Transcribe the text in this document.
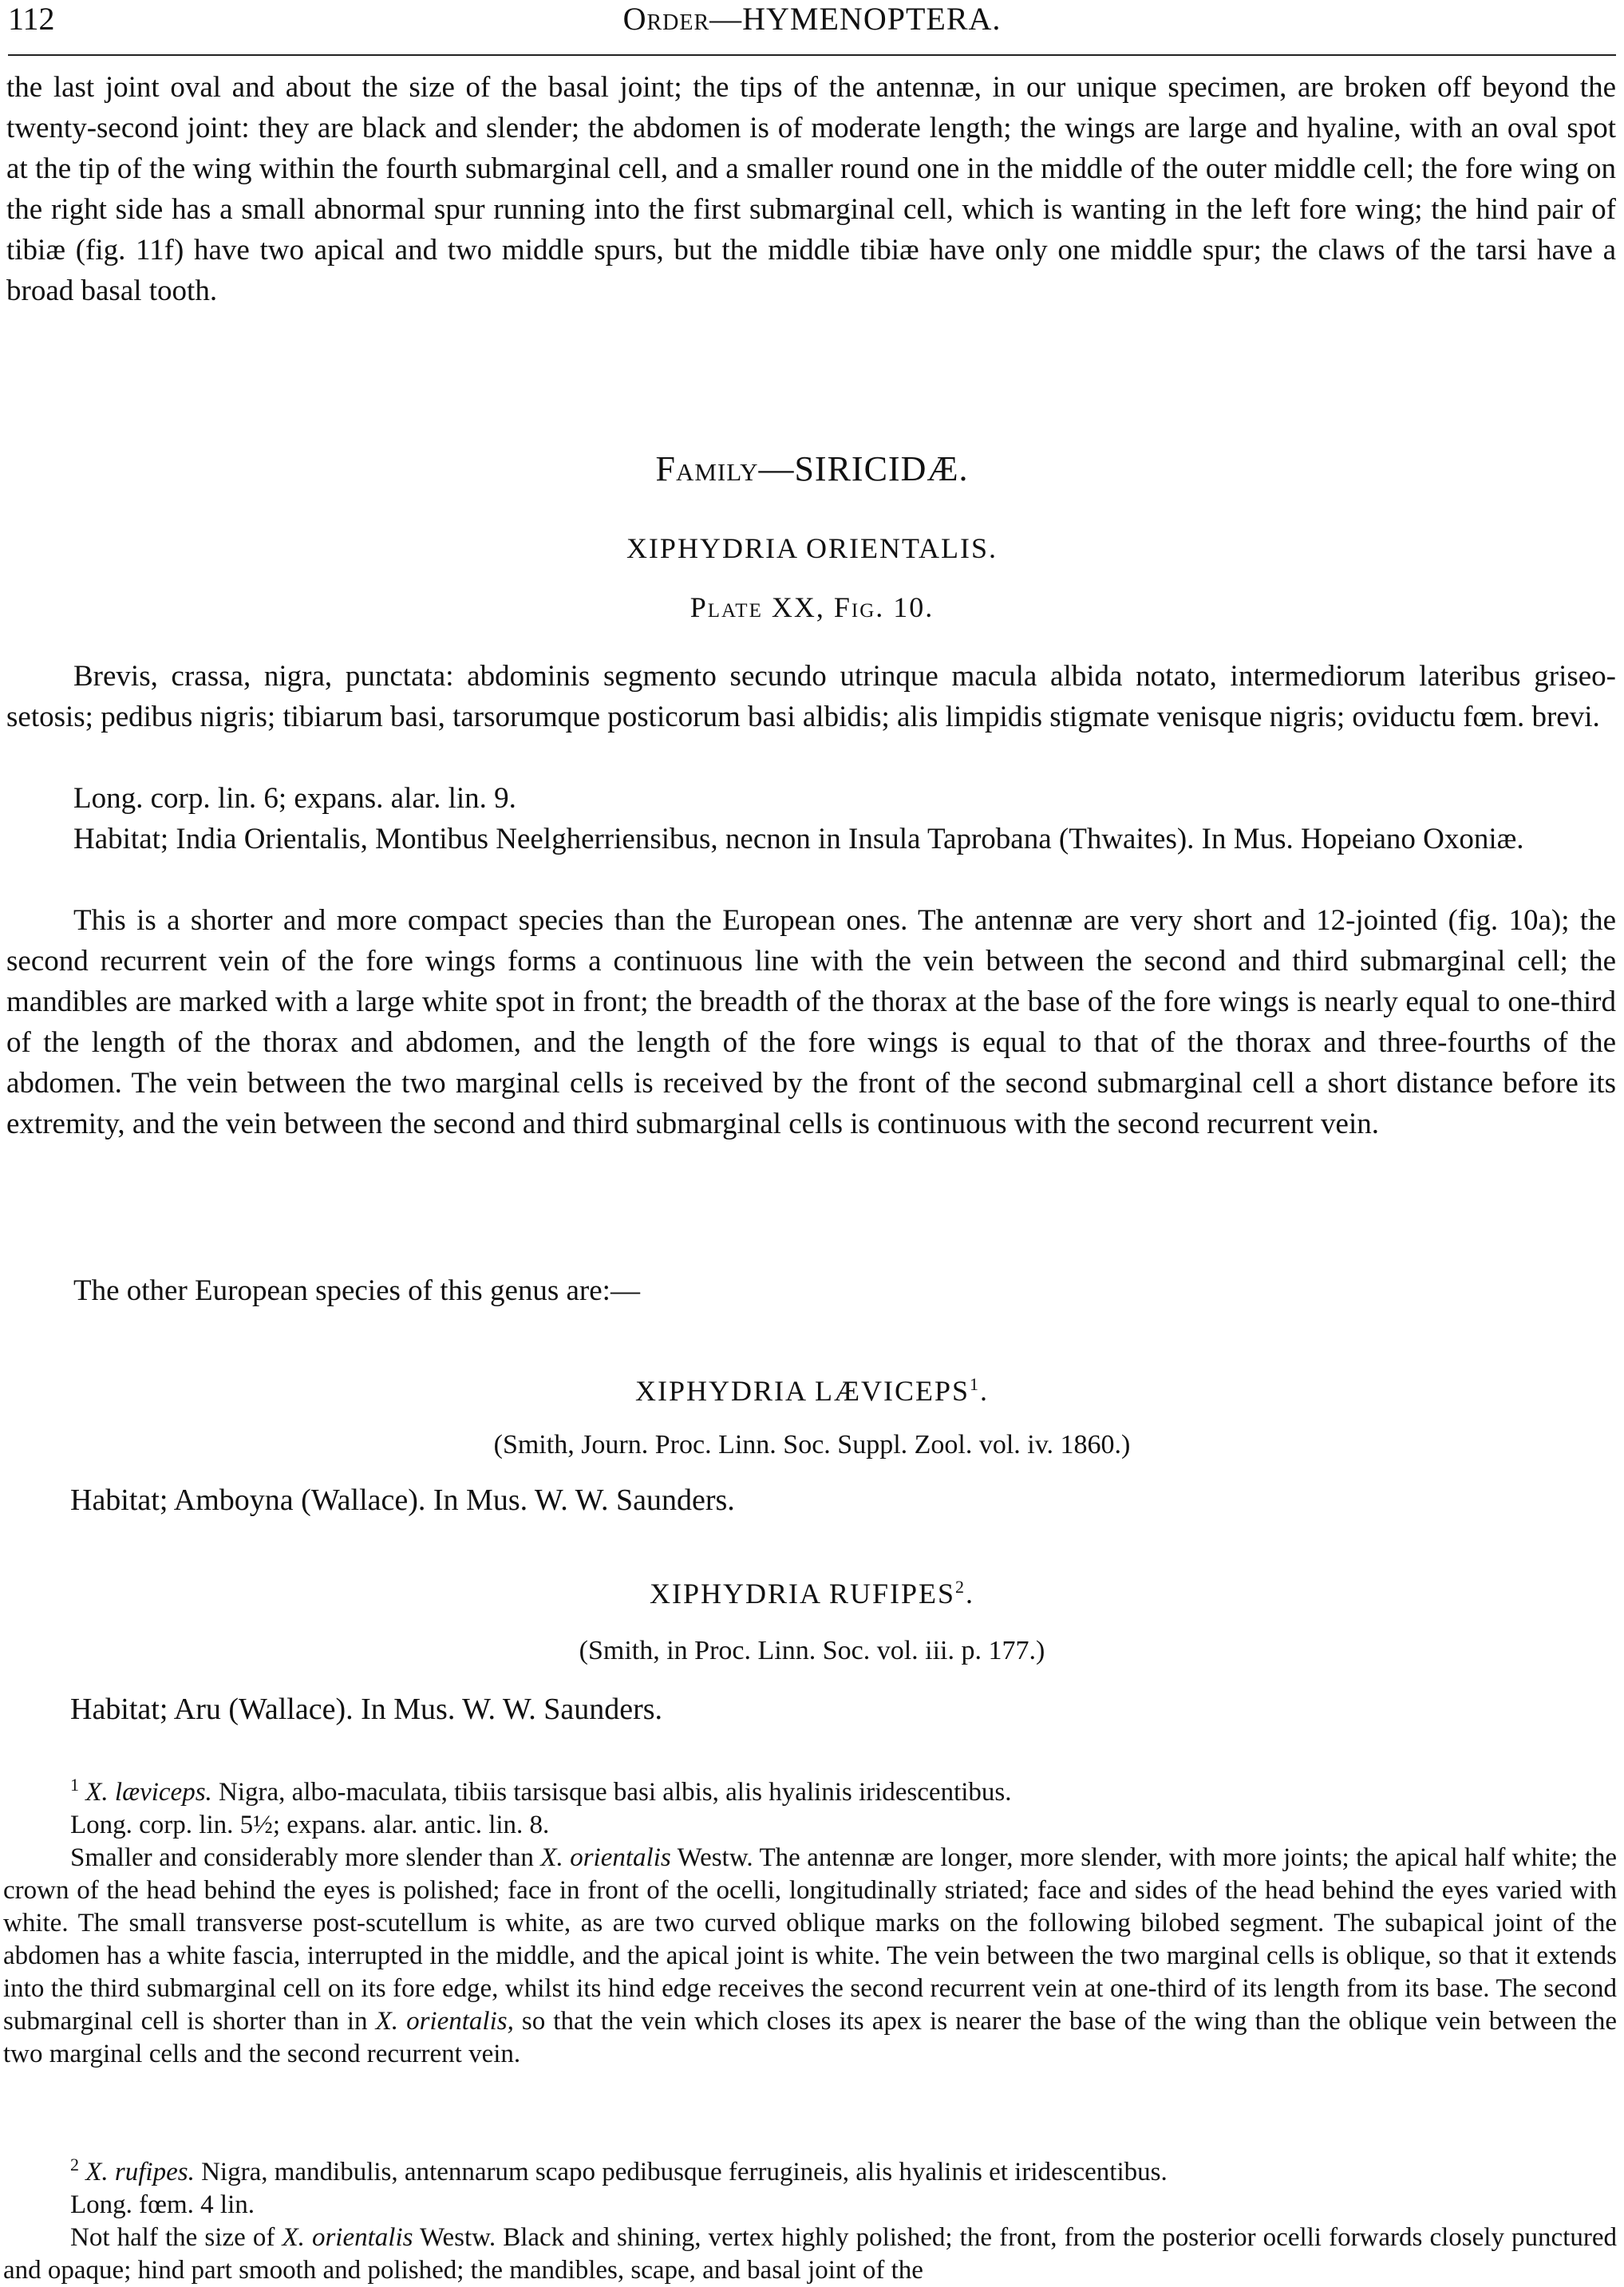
112	Order—HYMENOPTERA.

the last joint oval and about the size of the basal joint; the tips of the antennæ, in our unique specimen, are broken off beyond the twenty-second joint: they are black and slender; the abdomen is of moderate length; the wings are large and hyaline, with an oval spot at the tip of the wing within the fourth submarginal cell, and a smaller round one in the middle of the outer middle cell; the fore wing on the right side has a small abnormal spur running into the first submarginal cell, which is wanting in the left fore wing; the hind pair of tibiæ (fig. 11f) have two apical and two middle spurs, but the middle tibiæ have only one middle spur; the claws of the tarsi have a broad basal tooth.

Family—SIRICIDÆ.

XIPHYDRIA ORIENTALIS.

Plate XX, Fig. 10.

Brevis, crassa, nigra, punctata: abdominis segmento secundo utrinque macula albida notato, intermediorum lateribus griseo-setosis; pedibus nigris; tibiarum basi, tarsorumque posticorum basi albidis; alis limpidis stigmate venisque nigris; oviductu fœm. brevi.

Long. corp. lin. 6; expans. alar. lin. 9.

Habitat; India Orientalis, Montibus Neelgherriensibus, necnon in Insula Taprobana (Thwaites). In Mus. Hopeiano Oxoniæ.

This is a shorter and more compact species than the European ones. The antennæ are very short and 12-jointed (fig. 10a); the second recurrent vein of the fore wings forms a continuous line with the vein between the second and third submarginal cell; the mandibles are marked with a large white spot in front; the breadth of the thorax at the base of the fore wings is nearly equal to one-third of the length of the thorax and abdomen, and the length of the fore wings is equal to that of the thorax and three-fourths of the abdomen. The vein between the two marginal cells is received by the front of the second submarginal cell a short distance before its extremity, and the vein between the second and third submarginal cells is continuous with the second recurrent vein.

The other European species of this genus are:—

XIPHYDRIA LÆVICEPS$^1$.

(Smith, Journ. Proc. Linn. Soc. Suppl. Zool. vol. iv. 1860.)

Habitat; Amboyna (Wallace). In Mus. W. W. Saunders.

XIPHYDRIA RUFIPES$^2$.

(Smith, in Proc. Linn. Soc. vol. iii. p. 177.)

Habitat; Aru (Wallace). In Mus. W. W. Saunders.

$^1$ X. læviceps. Nigra, albo-maculata, tibiis tarsisque basi albis, alis hyalinis iridescentibus.

Long. corp. lin. 5½; expans. alar. antic. lin. 8.

Smaller and considerably more slender than X. orientalis Westw. The antennæ are longer, more slender, with more joints; the apical half white; the crown of the head behind the eyes is polished; face in front of the ocelli, longitudinally striated; face and sides of the head behind the eyes varied with white. The small transverse post-scutellum is white, as are two curved oblique marks on the following bilobed segment. The subapical joint of the abdomen has a white fascia, interrupted in the middle, and the apical joint is white. The vein between the two marginal cells is oblique, so that it extends into the third submarginal cell on its fore edge, whilst its hind edge receives the second recurrent vein at one-third of its length from its base. The second submarginal cell is shorter than in X. orientalis, so that the vein which closes its apex is nearer the base of the wing than the oblique vein between the two marginal cells and the second recurrent vein.

$^2$ X. rufipes. Nigra, mandibulis, antennarum scapo pedibusque ferrugineis, alis hyalinis et iridescentibus.

Long. fœm. 4 lin.

Not half the size of X. orientalis Westw. Black and shining, vertex highly polished; the front, from the posterior ocelli forwards closely punctured and opaque; hind part smooth and polished; the mandibles, scape, and basal joint of the
